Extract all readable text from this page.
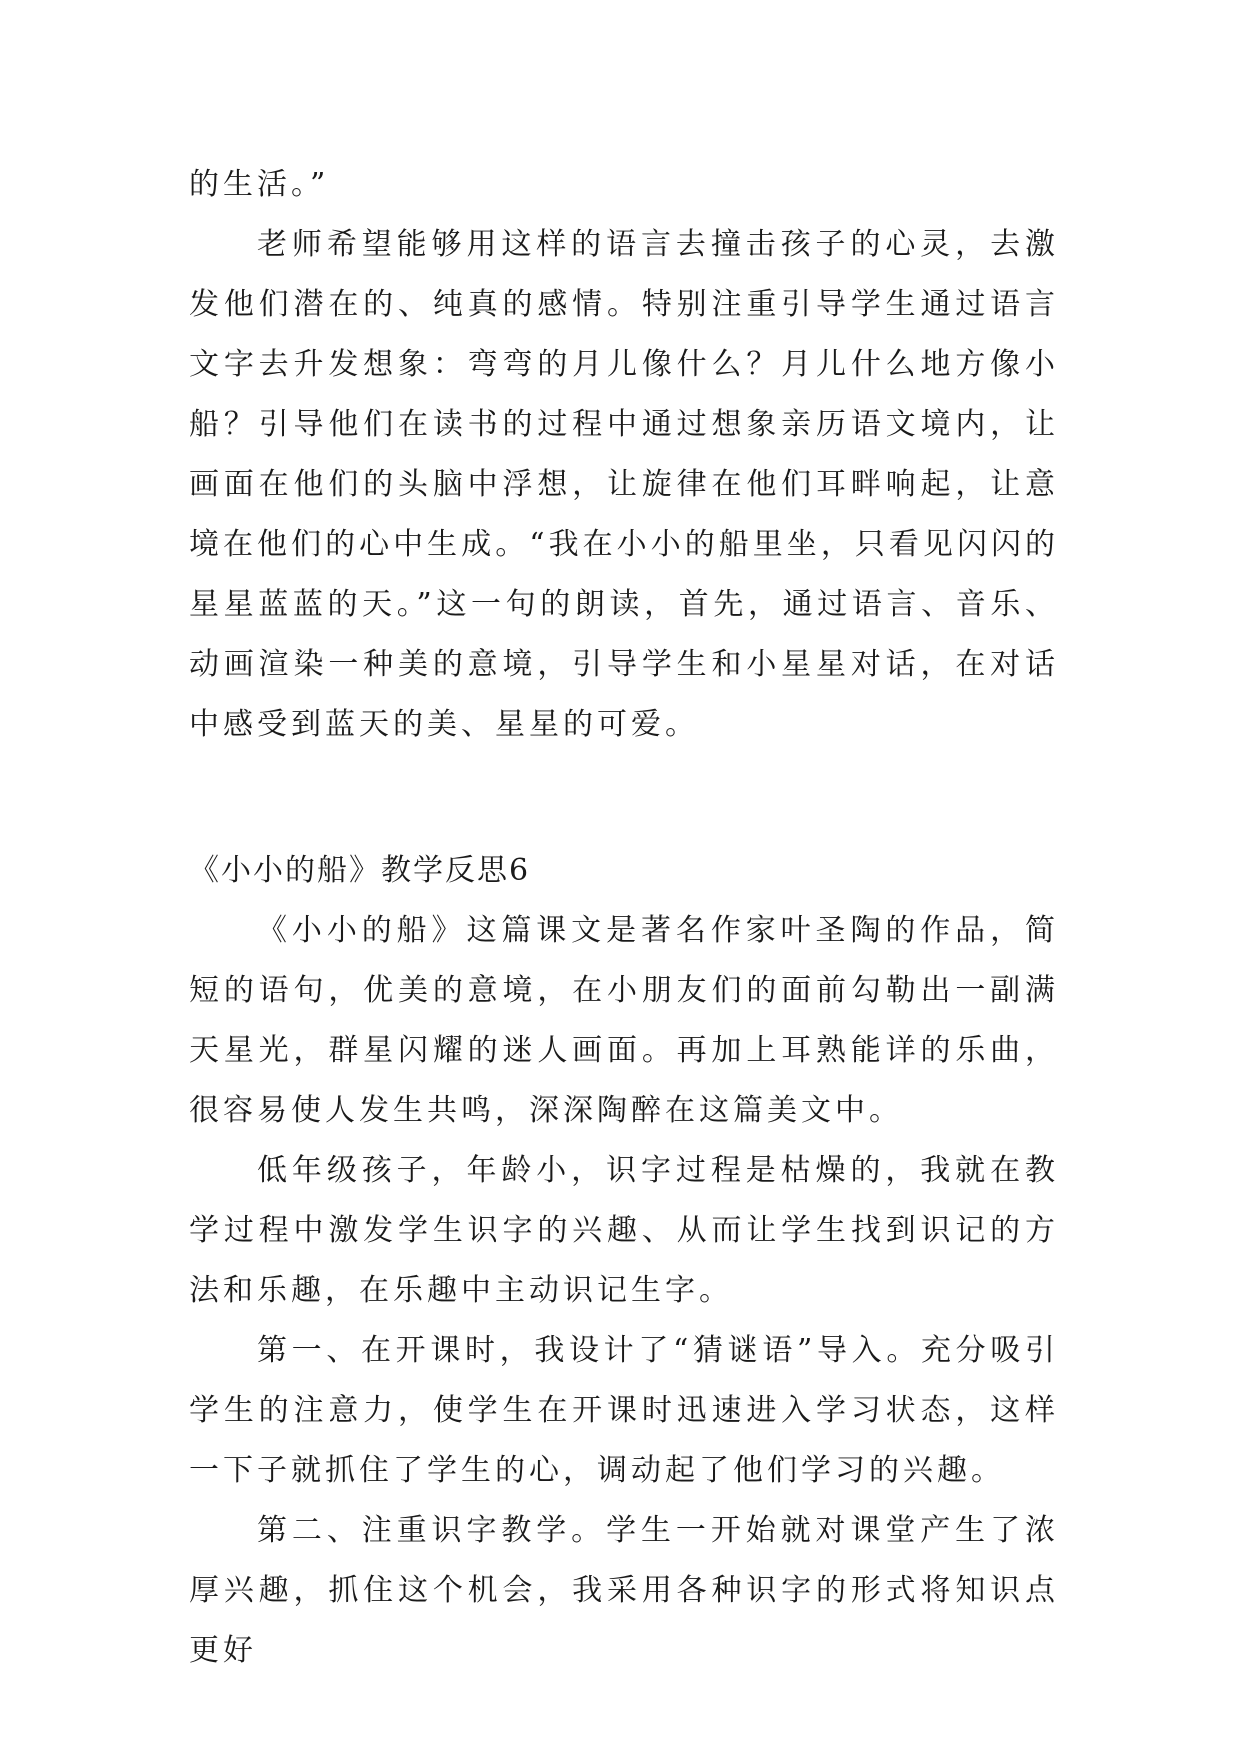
的生活。”

老师希望能够用这样的语言去撞击孩子的心灵，去激发他们潜在的、纯真的感情。特别注重引导学生通过语言文字去升发想象：弯弯的月儿像什么？月儿什么地方像小船？引导他们在读书的过程中通过想象亲历语文境内，让画面在他们的头脑中浮想，让旋律在他们耳畔响起，让意境在他们的心中生成。“我在小小的船里坐，只看见闪闪的星星蓝蓝的天。”这一句的朗读，首先，通过语言、音乐、动画渲染一种美的意境，引导学生和小星星对话，在对话中感受到蓝天的美、星星的可爱。

《小小的船》教学反思6

《小小的船》这篇课文是著名作家叶圣陶的作品，简短的语句，优美的意境，在小朋友们的面前勾勒出一副满天星光，群星闪耀的迷人画面。再加上耳熟能详的乐曲，很容易使人发生共鸣，深深陶醉在这篇美文中。

低年级孩子，年龄小，识字过程是枯燥的，我就在教学过程中激发学生识字的兴趣、从而让学生找到识记的方法和乐趣，在乐趣中主动识记生字。

第一、在开课时，我设计了“猜谜语”导入。充分吸引学生的注意力，使学生在开课时迅速进入学习状态，这样一下子就抓住了学生的心，调动起了他们学习的兴趣。

第二、注重识字教学。学生一开始就对课堂产生了浓厚兴趣，抓住这个机会，我采用各种识字的形式将知识点更好
